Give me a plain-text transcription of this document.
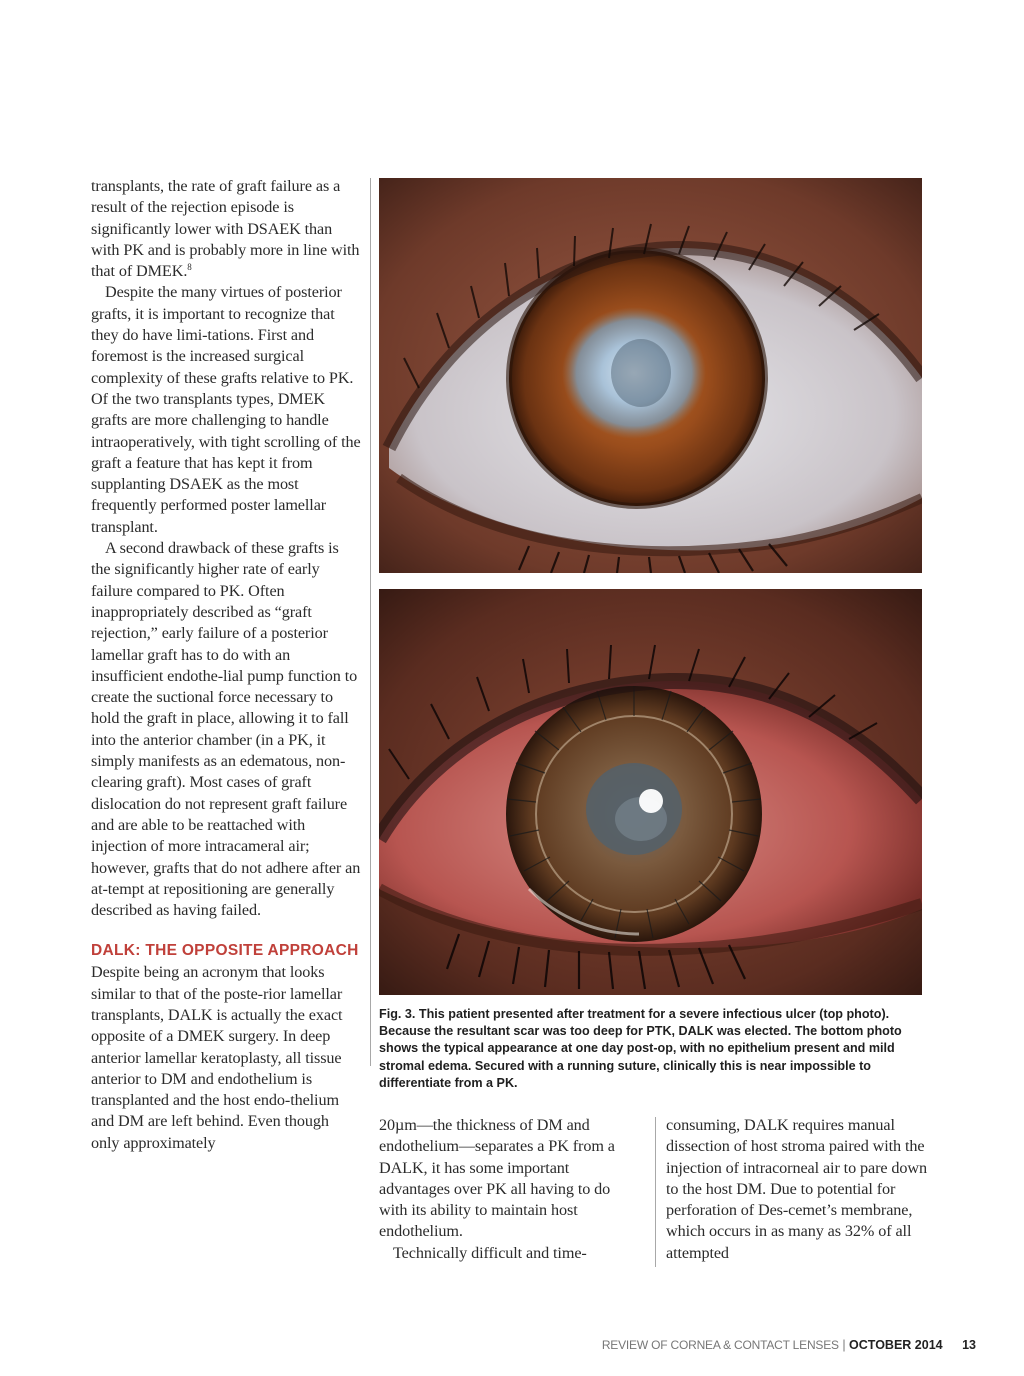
transplants, the rate of graft failure as a result of the rejection episode is significantly lower with DSAEK than with PK and is probably more in line with that of DMEK.$^8$

Despite the many virtues of posterior grafts, it is important to recognize that they do have limi-tations. First and foremost is the increased surgical complexity of these grafts relative to PK. Of the two transplants types, DMEK grafts are more challenging to handle intraoperatively, with tight scrolling of the graft a feature that has kept it from supplanting DSAEK as the most frequently performed poster lamellar transplant.

A second drawback of these grafts is the significantly higher rate of early failure compared to PK. Often inappropriately described as “graft rejection,” early failure of a posterior lamellar graft has to do with an insufficient endothe-lial pump function to create the suctional force necessary to hold the graft in place, allowing it to fall into the anterior chamber (in a PK, it simply manifests as an edematous, non-clearing graft). Most cases of graft dislocation do not represent graft failure and are able to be reattached with injection of more intracameral air; however, grafts that do not adhere after an at-tempt at repositioning are generally described as having failed.

DALK: THE OPPOSITE APPROACH

Despite being an acronym that looks similar to that of the poste-rior lamellar transplants, DALK is actually the exact opposite of a DMEK surgery. In deep anterior lamellar keratoplasty, all tissue anterior to DM and endothelium is transplanted and the host endo-thelium and DM are left behind. Even though only approximately

Fig. 3. This patient presented after treatment for a severe infectious ulcer (top photo). Because the resultant scar was too deep for PTK, DALK was elected. The bottom photo shows the typical appearance at one day post-op, with no epithelium present and mild stromal edema. Secured with a running suture, clinically this is near impossible to differentiate from a PK.

20µm—the thickness of DM and endothelium—separates a PK from a DALK, it has some important advantages over PK all having to do with its ability to maintain host endothelium.

Technically difficult and time-

consuming, DALK requires manual dissection of host stroma paired with the injection of intracorneal air to pare down to the host DM. Due to potential for perforation of Des-cemet’s membrane, which occurs in as many as 32% of all attempted

REVIEW OF CORNEA & CONTACT LENSES | OCTOBER 2014 13
